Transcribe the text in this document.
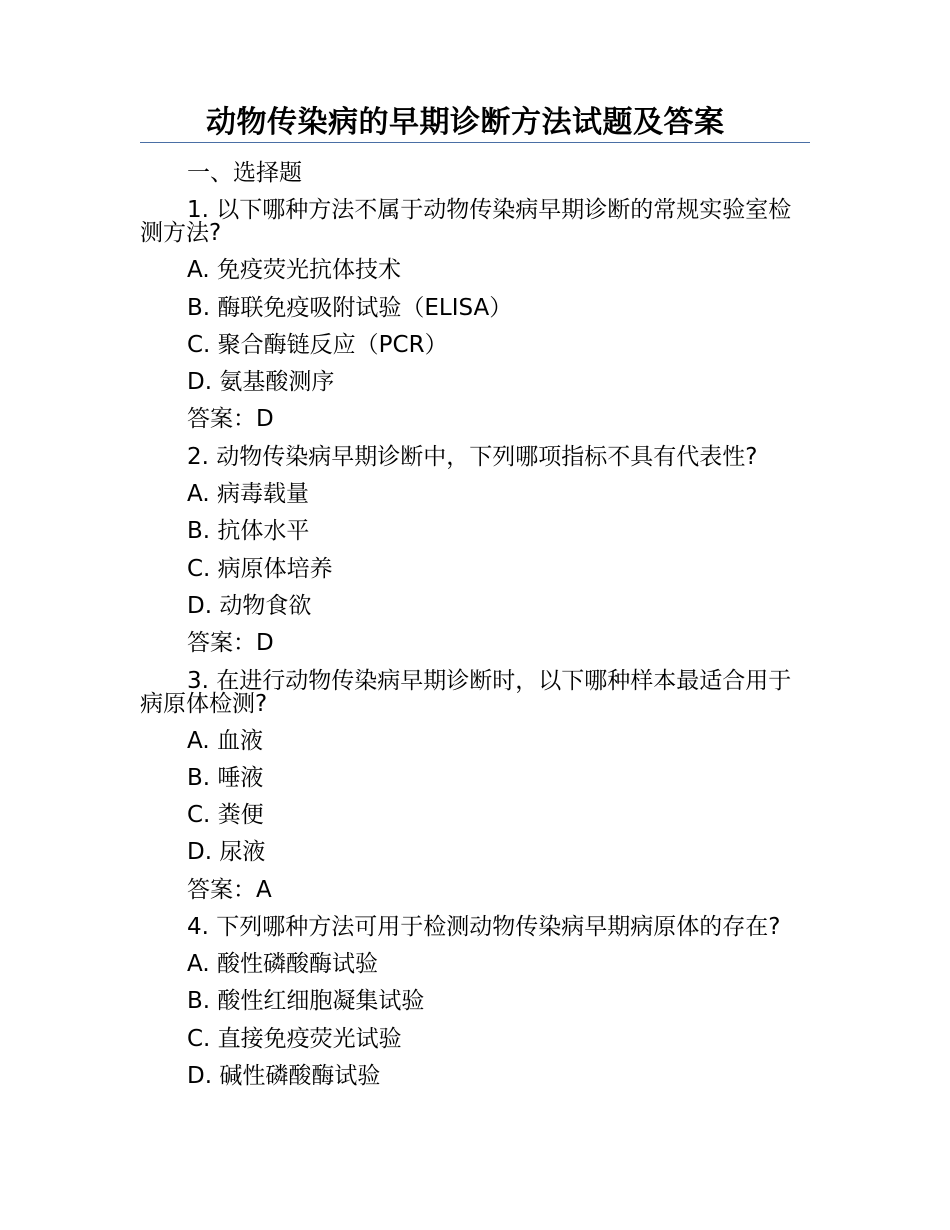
动物传染病的早期诊断方法试题及答案
一、选择题
1. 以下哪种方法不属于动物传染病早期诊断的常规实验室检测方法?
A. 免疫荧光抗体技术
B. 酶联免疫吸附试验（ELISA）
C. 聚合酶链反应（PCR）
D. 氨基酸测序
答案：D
2. 动物传染病早期诊断中，下列哪项指标不具有代表性?
A. 病毒载量
B. 抗体水平
C. 病原体培养
D. 动物食欲
答案：D
3. 在进行动物传染病早期诊断时，以下哪种样本最适合用于病原体检测?
A. 血液
B. 唾液
C. 粪便
D. 尿液
答案：A
4. 下列哪种方法可用于检测动物传染病早期病原体的存在?
A. 酸性磷酸酶试验
B. 酸性红细胞凝集试验
C. 直接免疫荧光试验
D. 碱性磷酸酶试验
